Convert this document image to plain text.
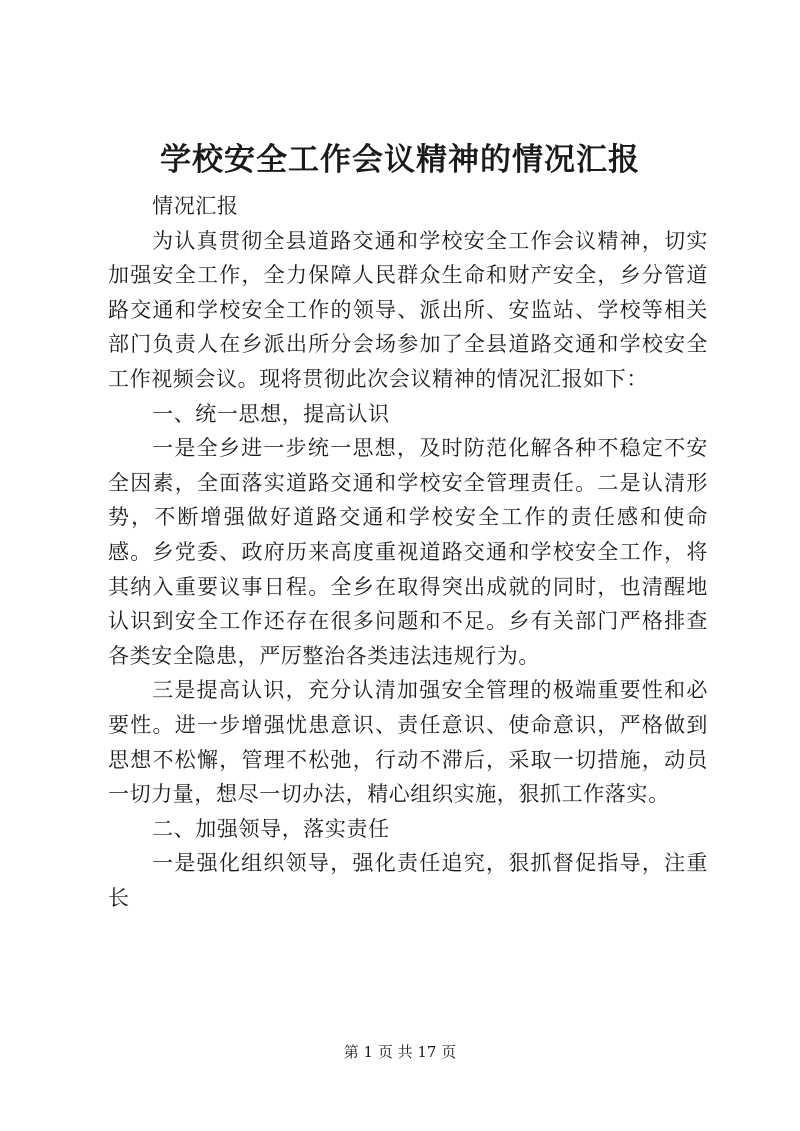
学校安全工作会议精神的情况汇报

情况汇报

为认真贯彻全县道路交通和学校安全工作会议精神，切实加强安全工作，全力保障人民群众生命和财产安全，乡分管道路交通和学校安全工作的领导、派出所、安监站、学校等相关部门负责人在乡派出所分会场参加了全县道路交通和学校安全工作视频会议。现将贯彻此次会议精神的情况汇报如下：

一、统一思想，提高认识

一是全乡进一步统一思想，及时防范化解各种不稳定不安全因素，全面落实道路交通和学校安全管理责任。二是认清形势，不断增强做好道路交通和学校安全工作的责任感和使命感。乡党委、政府历来高度重视道路交通和学校安全工作，将其纳入重要议事日程。全乡在取得突出成就的同时，也清醒地认识到安全工作还存在很多问题和不足。乡有关部门严格排查各类安全隐患，严厉整治各类违法违规行为。

三是提高认识，充分认清加强安全管理的极端重要性和必要性。进一步增强忧患意识、责任意识、使命意识，严格做到思想不松懈，管理不松弛，行动不滞后，采取一切措施，动员一切力量，想尽一切办法，精心组织实施，狠抓工作落实。

二、加强领导，落实责任

一是强化组织领导，强化责任追究，狠抓督促指导，注重长

第 1 页 共 17 页
